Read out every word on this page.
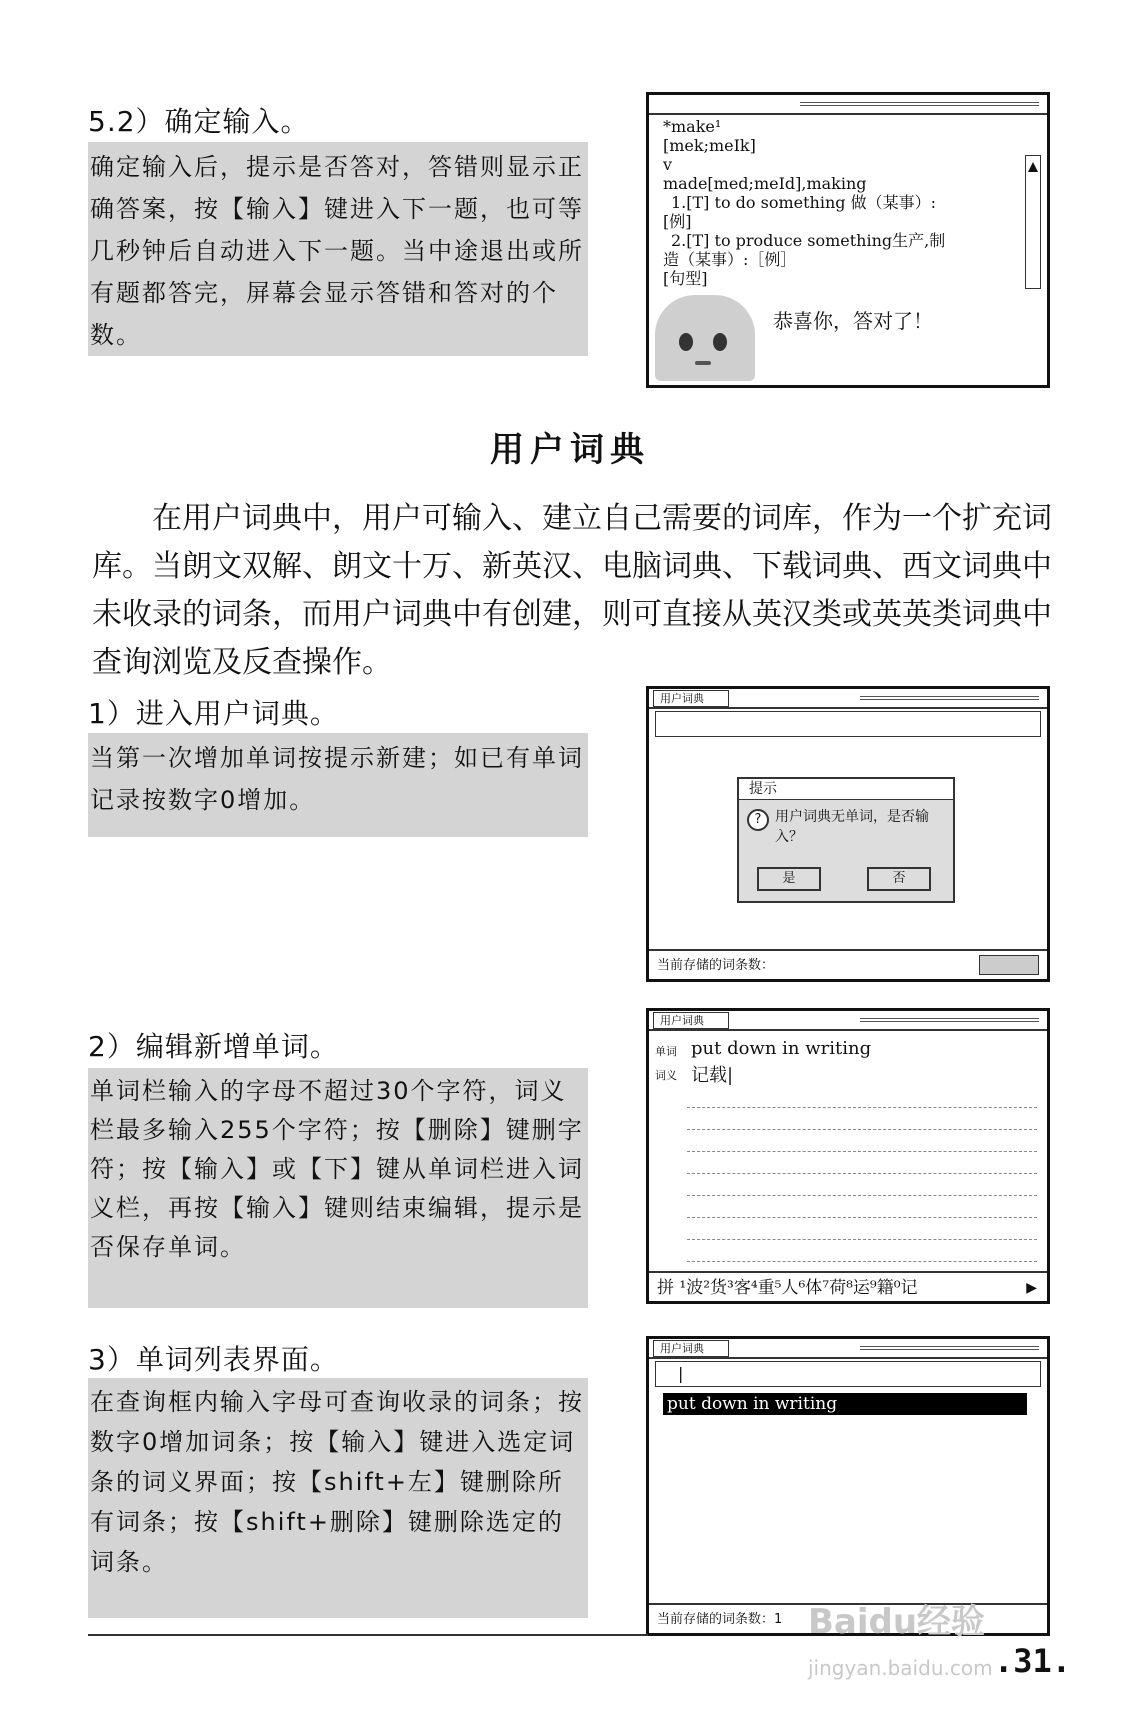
5.2）确定输入。
确定输入后，提示是否答对，答错则显示正确答案，按【输入】键进入下一题，也可等几秒钟后自动进入下一题。当中途退出或所有题都答完，屏幕会显示答错和答对的个数。
*make¹
[mek;meIk]
v
made[med;meId],making
1.[T] to do something 做（某事）:
[例]
2.[T] to produce something生产,制
造（某事）:［例］
[句型]
恭喜你，答对了！
用户词典
在用户词典中，用户可输入、建立自己需要的词库，作为一个扩充词库。当朗文双解、朗文十万、新英汉、电脑词典、下载词典、西文词典中未收录的词条，而用户词典中有创建，则可直接从英汉类或英英类词典中查询浏览及反查操作。
1）进入用户词典。
当第一次增加单词按提示新建；如已有单词记录按数字0增加。
用户词典
提示
? 用户词典无单词，是否输入？
是	否
当前存储的词条数：
2）编辑新增单词。
单词栏输入的字母不超过30个字符，词义栏最多输入255个字符；按【删除】键删字符；按【输入】或【下】键从单词栏进入词义栏，再按【输入】键则结束编辑，提示是否保存单词。
用户词典
单词 put down in writing
词义 记载|
拼 ¹波²货³客⁴重⁵人⁶体⁷荷⁸运⁹籍⁰记	▶
3）单词列表界面。
在查询框内输入字母可查询收录的词条；按数字0增加词条；按【输入】键进入选定词条的词义界面；按【shift+左】键删除所有词条；按【shift+删除】键删除选定的词条。
用户词典
|
put down in writing
当前存储的词条数：1 Baidu经验
jingyan.baidu.com .31.
